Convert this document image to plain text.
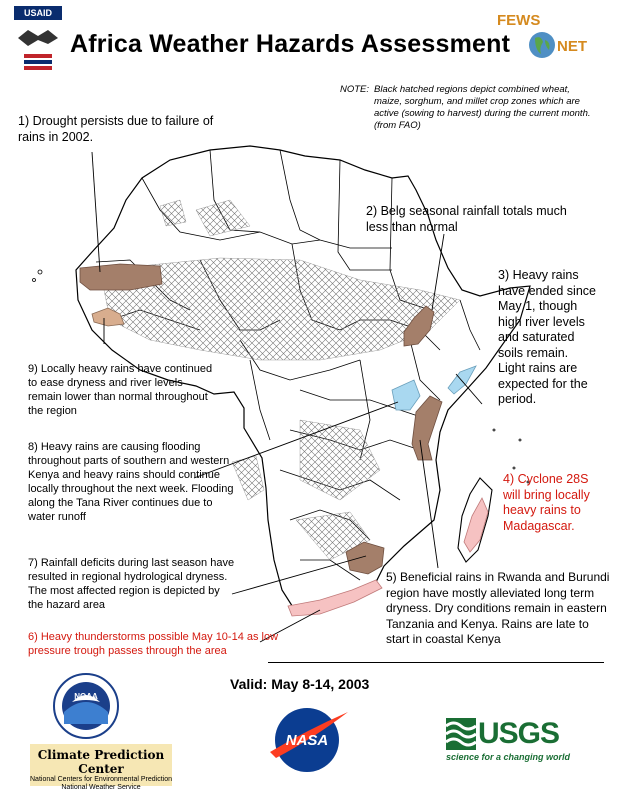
USAID
Africa Weather Hazards Assessment
FEWS
NET
NOTE: Black hatched regions depict combined wheat, maize, sorghum, and millet crop zones which are active (sowing to harvest) during the current month. (from FAO)
1) Drought persists due to failure of rains in 2002.
2) Belg seasonal rainfall totals much less than normal
3) Heavy rains have ended since May 1, though high river levels and saturated soils remain. Light rains are expected for the period.
4) Cyclone 28S will bring locally heavy rains to Madagascar.
5) Beneficial rains in Rwanda and Burundi region have mostly alleviated long term dryness. Dry conditions remain in eastern Tanzania and Kenya. Rains are late to start in coastal Kenya
6) Heavy thunderstorms possible May 10-14 as low pressure trough passes through the area
7) Rainfall deficits during last season have resulted in regional hydrological dryness. The most affected region is depicted by the hazard area
8) Heavy rains are causing flooding throughout parts of southern and western Kenya and heavy rains should continue locally throughout the next week. Flooding along the Tana River continues due to water runoff
9) Locally heavy rains have continued to ease dryness and river levels remain lower than normal throughout the region
Valid: May 8-14, 2003
NOAA
Climate Prediction Center
National Centers for Environmental Prediction
National Weather Service
NASA	USGS
science for a changing world
